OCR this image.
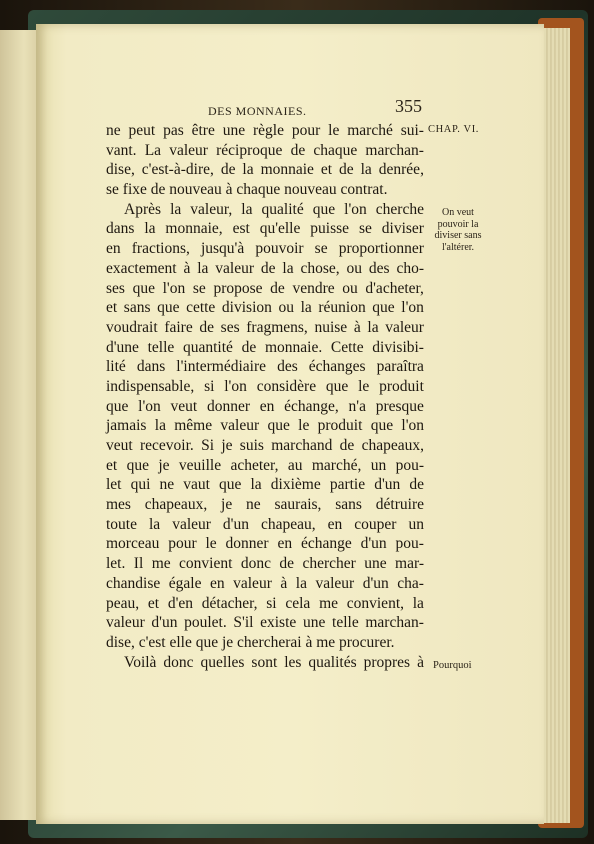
DES MONNAIES.	355
CHAP. VI.
On veut
pouvoir la
diviser sans
l'altérer.
Pourquoi
ne peut pas être une règle pour le marché sui-
vant. La valeur réciproque de chaque marchan-
dise, c'est-à-dire, de la monnaie et de la denrée,
se fixe de nouveau à chaque nouveau contrat.
Après la valeur, la qualité que l'on cherche
dans la monnaie, est qu'elle puisse se diviser
en fractions, jusqu'à pouvoir se proportionner
exactement à la valeur de la chose, ou des cho-
ses que l'on se propose de vendre ou d'acheter,
et sans que cette division ou la réunion que l'on
voudrait faire de ses fragmens, nuise à la valeur
d'une telle quantité de monnaie. Cette divisibi-
lité dans l'intermédiaire des échanges paraîtra
indispensable, si l'on considère que le produit
que l'on veut donner en échange, n'a presque
jamais la même valeur que le produit que l'on
veut recevoir. Si je suis marchand de chapeaux,
et que je veuille acheter, au marché, un pou-
let qui ne vaut que la dixième partie d'un de
mes chapeaux, je ne saurais, sans détruire
toute la valeur d'un chapeau, en couper un
morceau pour le donner en échange d'un pou-
let. Il me convient donc de chercher une mar-
chandise égale en valeur à la valeur d'un cha-
peau, et d'en détacher, si cela me convient, la
valeur d'un poulet. S'il existe une telle marchan-
dise, c'est elle que je chercherai à me procurer.
Voilà donc quelles sont les qualités propres à
